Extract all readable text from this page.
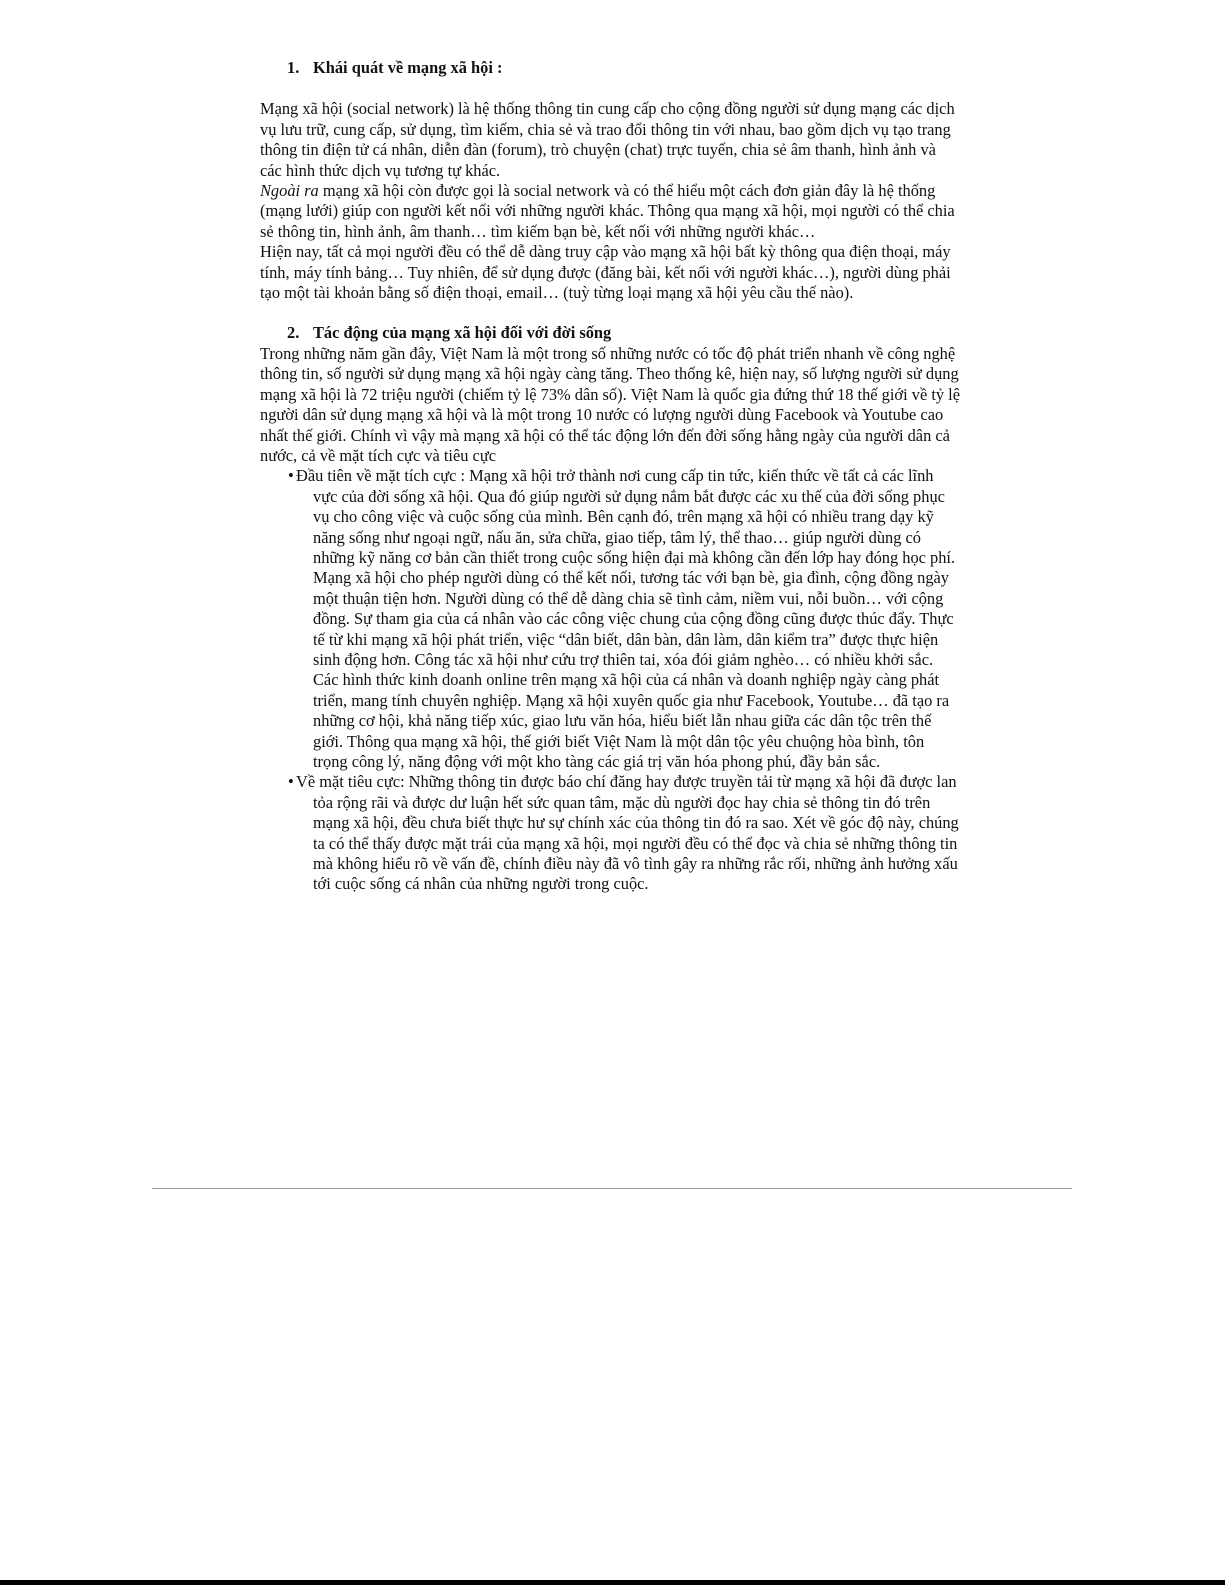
1. Khái quát về mạng xã hội :

Mạng xã hội (social network) là hệ thống thông tin cung cấp cho cộng đồng người sử dụng mạng các dịch vụ lưu trữ, cung cấp, sử dụng, tìm kiếm, chia sẻ và trao đổi thông tin với nhau, bao gồm dịch vụ tạo trang thông tin điện tử cá nhân, diễn đàn (forum), trò chuyện (chat) trực tuyến, chia sẻ âm thanh, hình ảnh và các hình thức dịch vụ tương tự khác.

Ngoài ra mạng xã hội còn được gọi là social network và có thể hiểu một cách đơn giản đây là hệ thống (mạng lưới) giúp con người kết nối với những người khác. Thông qua mạng xã hội, mọi người có thể chia sẻ thông tin, hình ảnh, âm thanh… tìm kiếm bạn bè, kết nối với những người khác…

Hiện nay, tất cả mọi người đều có thể dễ dàng truy cập vào mạng xã hội bất kỳ thông qua điện thoại, máy tính, máy tính bảng… Tuy nhiên, để sử dụng được (đăng bài, kết nối với người khác…), người dùng phải tạo một tài khoản bằng số điện thoại, email… (tuỳ từng loại mạng xã hội yêu cầu thế nào).

2. Tác động của mạng xã hội đối với đời sống

Trong những năm gần đây, Việt Nam là một trong số những nước có tốc độ phát triển nhanh về công nghệ thông tin, số người sử dụng mạng xã hội ngày càng tăng. Theo thống kê, hiện nay, số lượng người sử dụng mạng xã hội là 72 triệu người (chiếm tỷ lệ 73% dân số). Việt Nam là quốc gia đứng thứ 18 thế giới về tỷ lệ người dân sử dụng mạng xã hội và là một trong 10 nước có lượng người dùng Facebook và Youtube cao nhất thế giới. Chính vì vậy mà mạng xã hội có thể tác động lớn đến đời sống hằng ngày của người dân cả nước, cả về mặt tích cực và tiêu cực

• Đầu tiên về mặt tích cực : Mạng xã hội trở thành nơi cung cấp tin tức, kiến thức về tất cả các lĩnh vực của đời sống xã hội. Qua đó giúp người sử dụng nắm bắt được các xu thế của đời sống phục vụ cho công việc và cuộc sống của mình. Bên cạnh đó, trên mạng xã hội có nhiều trang dạy kỹ năng sống như ngoại ngữ, nấu ăn, sửa chữa, giao tiếp, tâm lý, thể thao… giúp người dùng có những kỹ năng cơ bản cần thiết trong cuộc sống hiện đại mà không cần đến lớp hay đóng học phí. Mạng xã hội cho phép người dùng có thể kết nối, tương tác với bạn bè, gia đình, cộng đồng ngày một thuận tiện hơn. Người dùng có thể dễ dàng chia sẽ tình cảm, niềm vui, nỗi buồn… với cộng đồng. Sự tham gia của cá nhân vào các công việc chung của cộng đồng cũng được thúc đẩy. Thực tế từ khi mạng xã hội phát triển, việc “dân biết, dân bàn, dân làm, dân kiểm tra” được thực hiện sinh động hơn. Công tác xã hội như cứu trợ thiên tai, xóa đói giảm nghèo… có nhiều khởi sắc. Các hình thức kinh doanh online trên mạng xã hội của cá nhân và doanh nghiệp ngày càng phát triển, mang tính chuyên nghiệp. Mạng xã hội xuyên quốc gia như Facebook, Youtube… đã tạo ra những cơ hội, khả năng tiếp xúc, giao lưu văn hóa, hiểu biết lẫn nhau giữa các dân tộc trên thế giới. Thông qua mạng xã hội, thế giới biết Việt Nam là một dân tộc yêu chuộng hòa bình, tôn trọng công lý, năng động với một kho tàng các giá trị văn hóa phong phú, đầy bản sắc.
• Về mặt tiêu cực: Những thông tin được báo chí đăng hay được truyền tải từ mạng xã hội đã được lan tỏa rộng rãi và được dư luận hết sức quan tâm, mặc dù người đọc hay chia sẻ thông tin đó trên mạng xã hội, đều chưa biết thực hư sự chính xác của thông tin đó ra sao. Xét về góc độ này, chúng ta có thể thấy được mặt trái của mạng xã hội, mọi người đều có thể đọc và chia sẻ những thông tin mà không hiểu rõ về vấn đề, chính điều này đã vô tình gây ra những rắc rối, những ảnh hưởng xấu tới cuộc sống cá nhân của những người trong cuộc.
